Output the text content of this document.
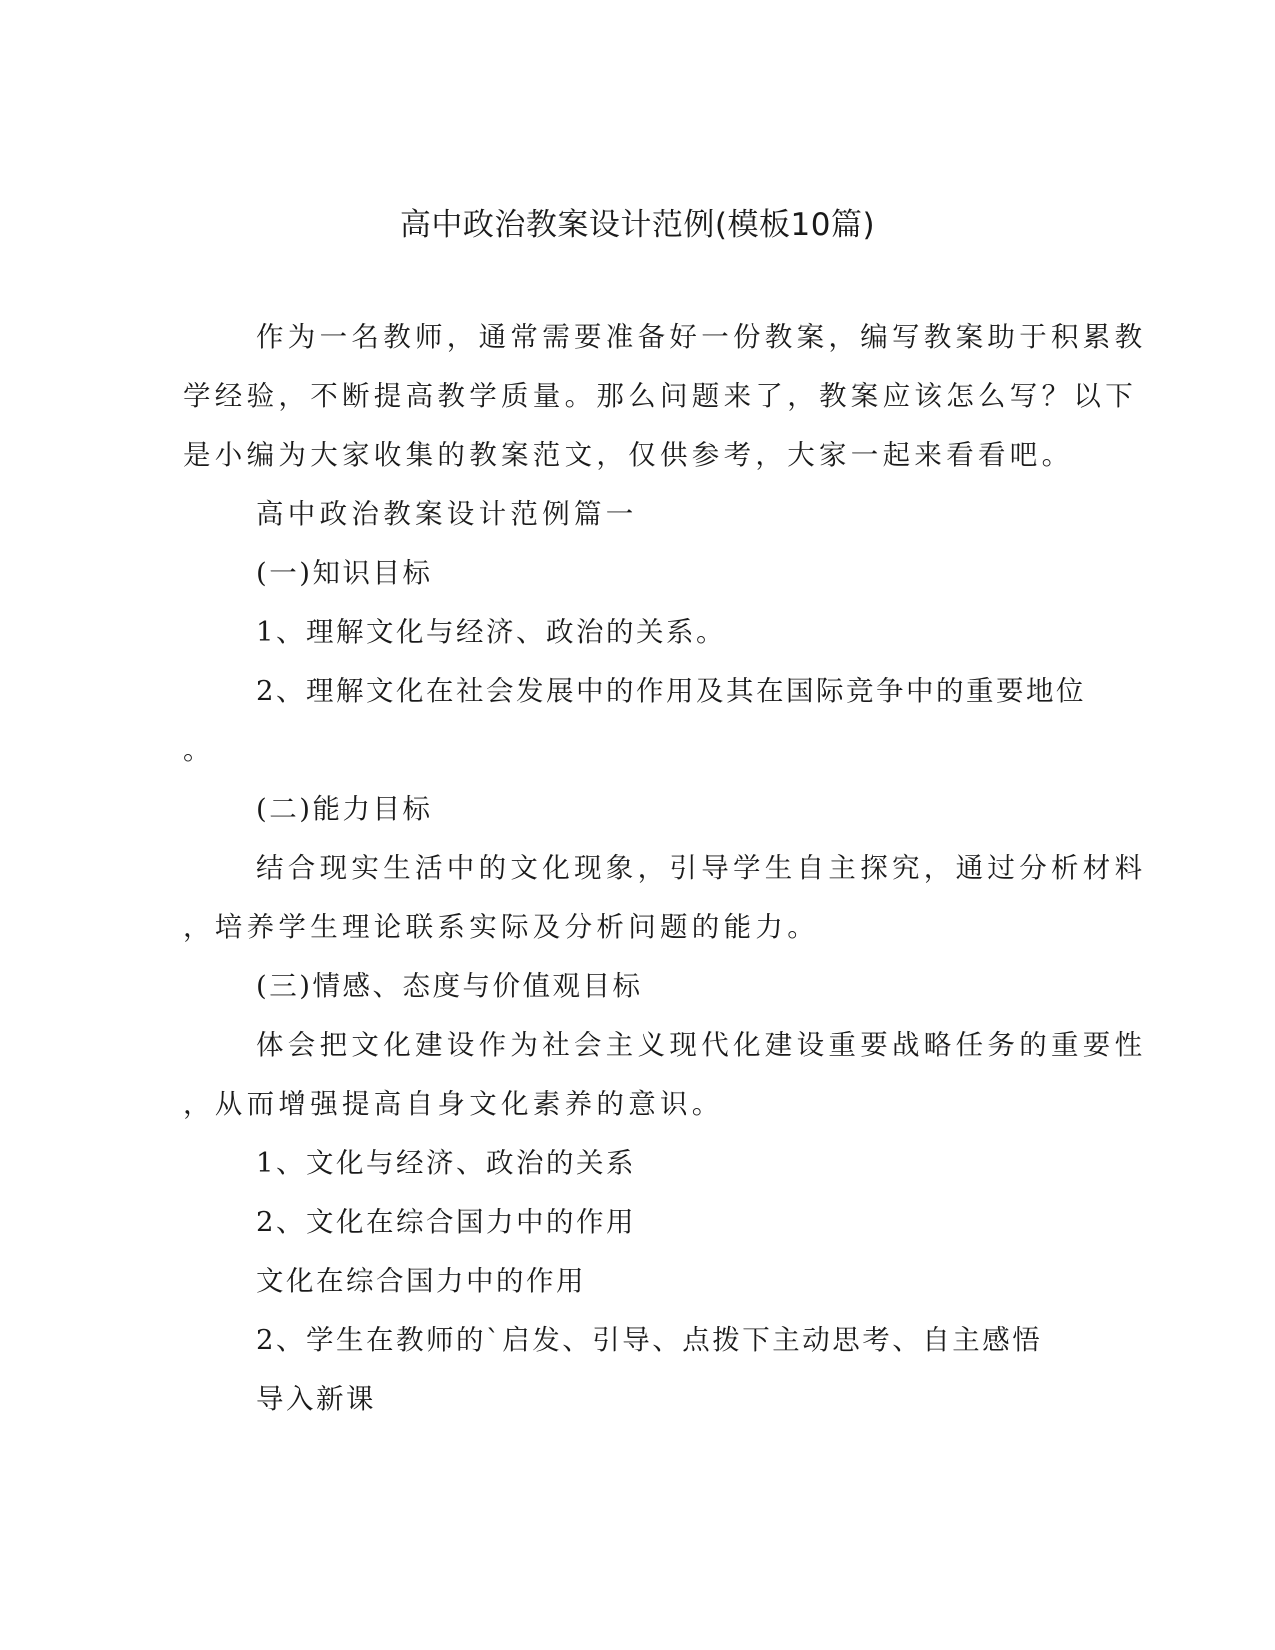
高中政治教案设计范例(模板10篇)

作为一名教师，通常需要准备好一份教案，编写教案助于积累教

学经验，不断提高教学质量。那么问题来了，教案应该怎么写？以下

是小编为大家收集的教案范文，仅供参考，大家一起来看看吧。

高中政治教案设计范例篇一

(一)知识目标

1、理解文化与经济、政治的关系。

2、理解文化在社会发展中的作用及其在国际竞争中的重要地位

。

(二)能力目标

结合现实生活中的文化现象，引导学生自主探究，通过分析材料

，培养学生理论联系实际及分析问题的能力。

(三)情感、态度与价值观目标

体会把文化建设作为社会主义现代化建设重要战略任务的重要性

，从而增强提高自身文化素养的意识。

1、文化与经济、政治的关系

2、文化在综合国力中的作用

文化在综合国力中的作用

2、学生在教师的`启发、引导、点拨下主动思考、自主感悟

导入新课
